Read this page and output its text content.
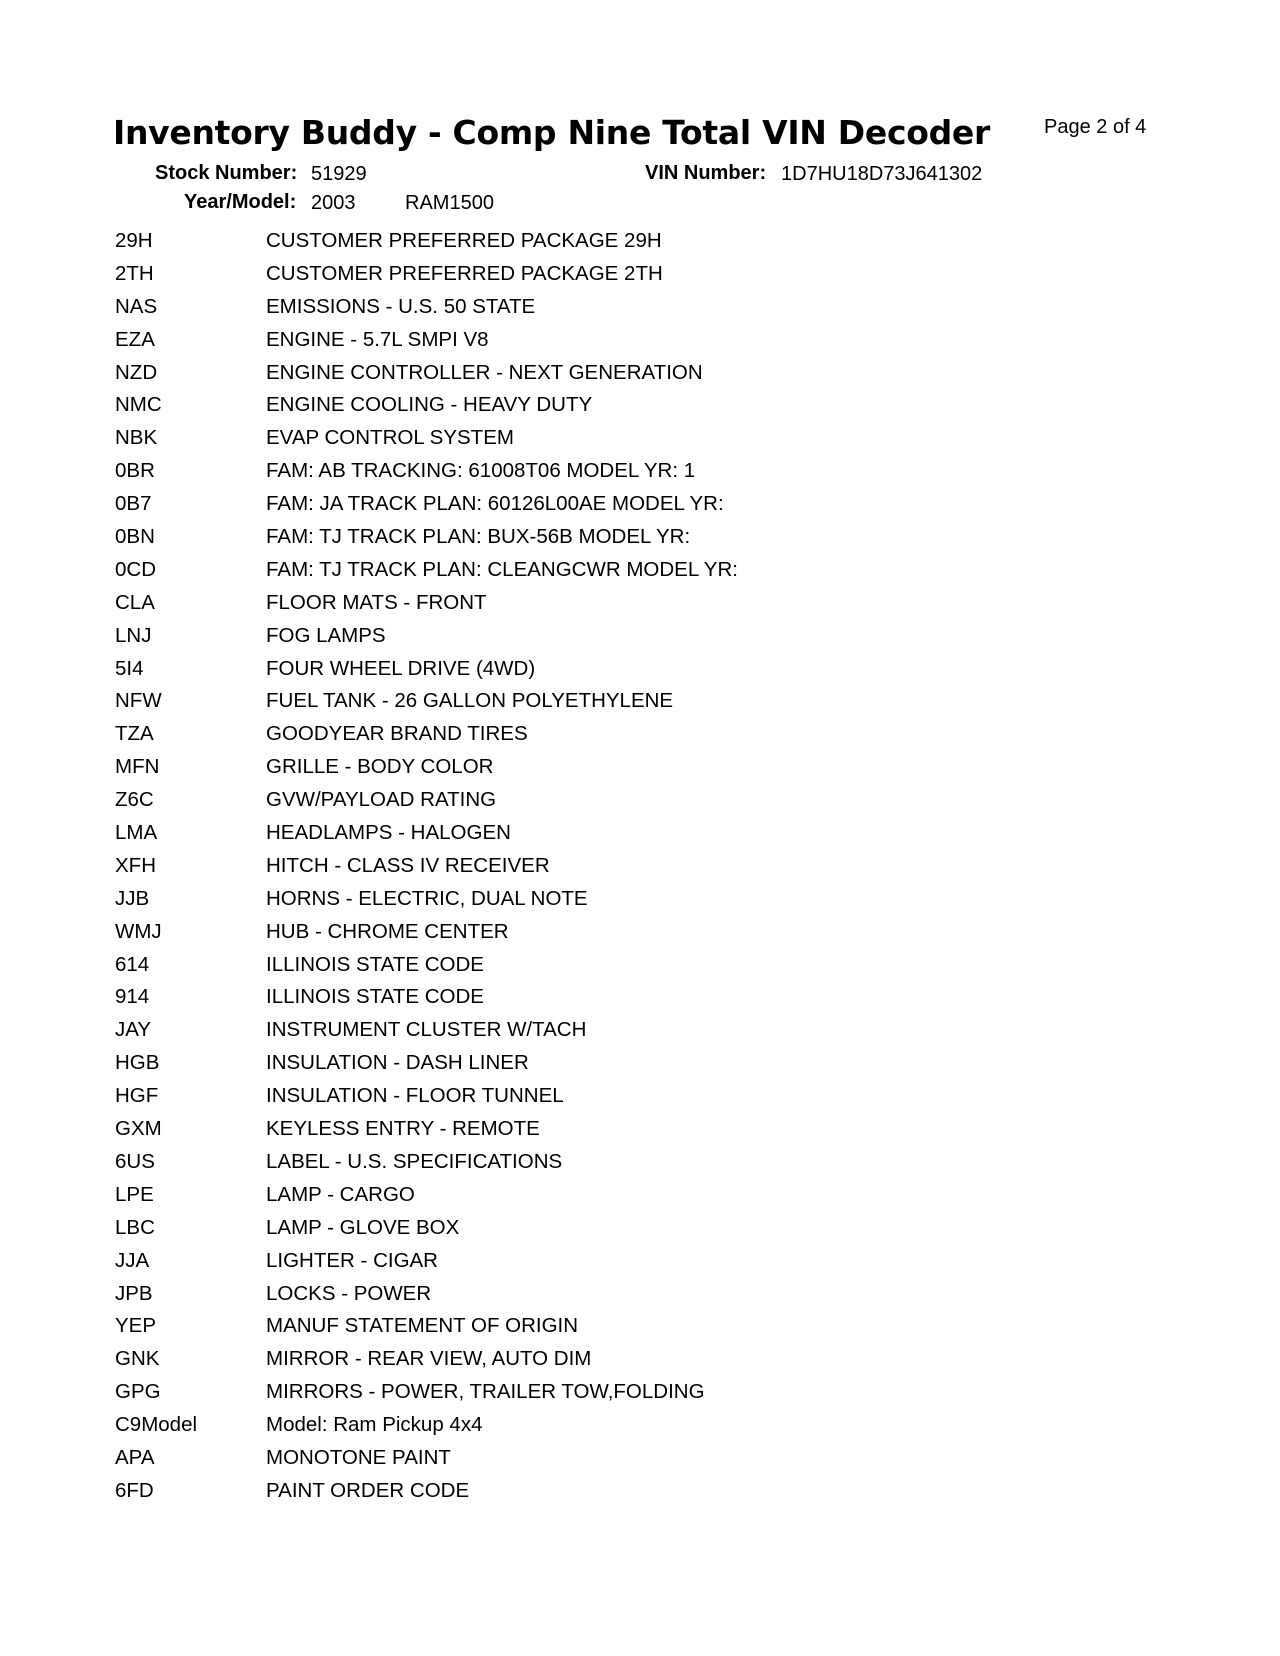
Inventory Buddy - Comp Nine Total VIN Decoder	Page 2 of 4
Stock Number: 51929	VIN Number: 1D7HU18D73J641302
Year/Model: 2003 RAM1500
29H	CUSTOMER PREFERRED PACKAGE 29H
2TH	CUSTOMER PREFERRED PACKAGE 2TH
NAS	EMISSIONS - U.S. 50 STATE
EZA	ENGINE - 5.7L SMPI V8
NZD	ENGINE CONTROLLER - NEXT GENERATION
NMC	ENGINE COOLING - HEAVY DUTY
NBK	EVAP CONTROL SYSTEM
0BR	FAM: AB TRACKING: 61008T06 MODEL YR: 1
0B7	FAM: JA TRACK PLAN: 60126L00AE MODEL YR:
0BN	FAM: TJ TRACK PLAN: BUX-56B MODEL YR:
0CD	FAM: TJ TRACK PLAN: CLEANGCWR MODEL YR:
CLA	FLOOR MATS - FRONT
LNJ	FOG LAMPS
5I4	FOUR WHEEL DRIVE (4WD)
NFW	FUEL TANK - 26 GALLON POLYETHYLENE
TZA	GOODYEAR BRAND TIRES
MFN	GRILLE - BODY COLOR
Z6C	GVW/PAYLOAD RATING
LMA	HEADLAMPS - HALOGEN
XFH	HITCH - CLASS IV RECEIVER
JJB	HORNS - ELECTRIC, DUAL NOTE
WMJ	HUB - CHROME CENTER
614	ILLINOIS STATE CODE
914	ILLINOIS STATE CODE
JAY	INSTRUMENT CLUSTER W/TACH
HGB	INSULATION - DASH LINER
HGF	INSULATION - FLOOR TUNNEL
GXM	KEYLESS ENTRY - REMOTE
6US	LABEL - U.S. SPECIFICATIONS
LPE	LAMP - CARGO
LBC	LAMP - GLOVE BOX
JJA	LIGHTER - CIGAR
JPB	LOCKS - POWER
YEP	MANUF STATEMENT OF ORIGIN
GNK	MIRROR - REAR VIEW, AUTO DIM
GPG	MIRRORS - POWER, TRAILER TOW,FOLDING
C9Model	Model: Ram Pickup 4x4
APA	MONOTONE PAINT
6FD	PAINT ORDER CODE
